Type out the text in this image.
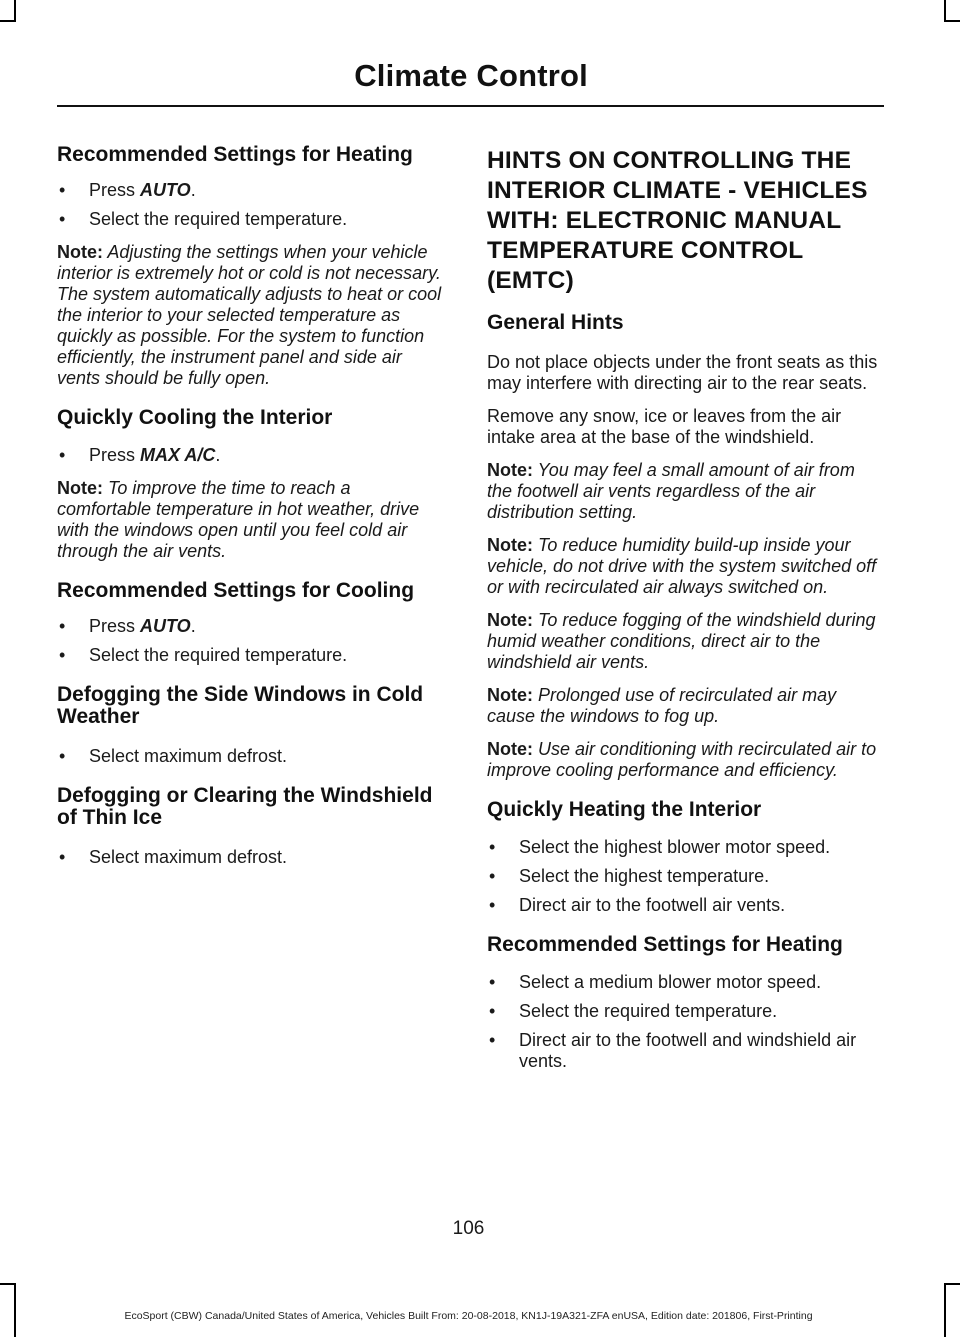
Climate Control
Recommended Settings for Heating
• Press AUTO.
• Select the required temperature.

Note: Adjusting the settings when your vehicle interior is extremely hot or cold is not necessary. The system automatically adjusts to heat or cool the interior to your selected temperature as quickly as possible. For the system to function efficiently, the instrument panel and side air vents should be fully open.

Quickly Cooling the Interior
• Press MAX A/C.

Note: To improve the time to reach a comfortable temperature in hot weather, drive with the windows open until you feel cold air through the air vents.

Recommended Settings for Cooling
• Press AUTO.
• Select the required temperature.
Defogging the Side Windows in Cold Weather
• Select maximum defrost.
Defogging or Clearing the Windshield of Thin Ice
• Select maximum defrost.
HINTS ON CONTROLLING THE INTERIOR CLIMATE - VEHICLES WITH: ELECTRONIC MANUAL TEMPERATURE CONTROL (EMTC)
General Hints

Do not place objects under the front seats as this may interfere with directing air to the rear seats.

Remove any snow, ice or leaves from the air intake area at the base of the windshield.

Note: You may feel a small amount of air from the footwell air vents regardless of the air distribution setting.

Note: To reduce humidity build-up inside your vehicle, do not drive with the system switched off or with recirculated air always switched on.

Note: To reduce fogging of the windshield during humid weather conditions, direct air to the windshield air vents.

Note: Prolonged use of recirculated air may cause the windows to fog up.

Note: Use air conditioning with recirculated air to improve cooling performance and efficiency.

Quickly Heating the Interior
• Select the highest blower motor speed.
• Select the highest temperature.
• Direct air to the footwell air vents.
Recommended Settings for Heating
• Select a medium blower motor speed.
• Select the required temperature.
• Direct air to the footwell and windshield air vents.
106
EcoSport (CBW) Canada/United States of America, Vehicles Built From: 20-08-2018, KN1J-19A321-ZFA enUSA, Edition date: 201806, First-Printing
